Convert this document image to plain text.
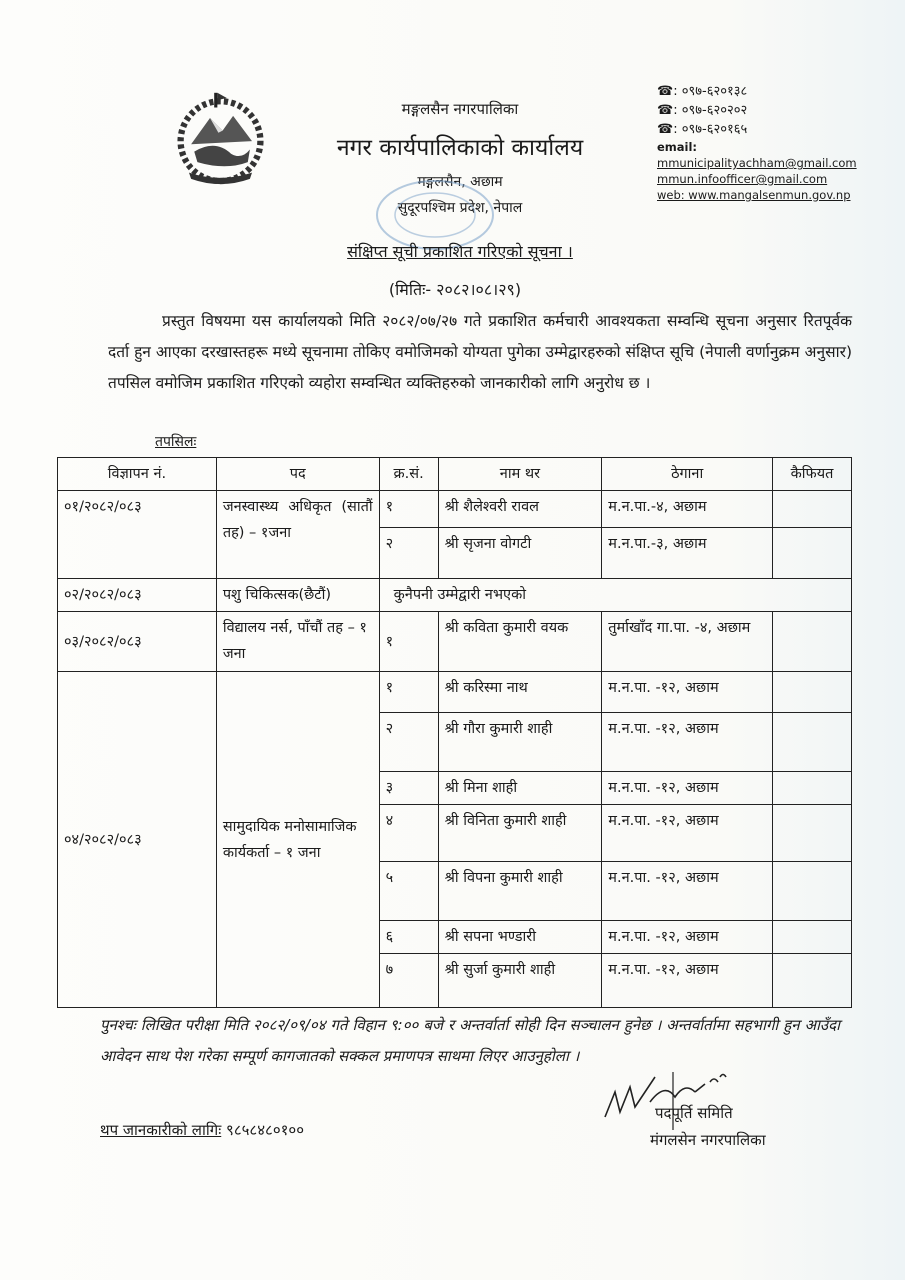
मङ्गलसैन नगरपालिका
नगर कार्यपालिकाको कार्यालय
मङ्गलसैन, अछाम
सुदूरपश्चिम प्रदेश, नेपाल
☎: ०९७-६२०१३८
☎: ०९७-६२०२०२
☎: ०९७-६२०१६५
email:
mmunicipalityachham@gmail.com
mmun.infoofficer@gmail.com
web: www.mangalsenmun.gov.np
संक्षिप्त सूची प्रकाशित गरिएको सूचना ।
(मितिः- २०८२।०८।२९)
प्रस्तुत विषयमा यस कार्यालयको मिति २०८२/०७/२७ गते प्रकाशित कर्मचारी आवश्यकता सम्वन्धि सूचना अनुसार रितपूर्वक दर्ता हुन आएका दरखास्तहरू मध्ये सूचनामा तोकिए वमोजिमको योग्यता पुगेका उम्मेद्वारहरुको संक्षिप्त सूचि (नेपाली वर्णानुक्रम अनुसार) तपसिल वमोजिम प्रकाशित गरिएको व्यहोरा सम्वन्धित व्यक्तिहरुको जानकारीको लागि अनुरोध छ ।
तपसिलः
विज्ञापन नं.	पद	क्र.सं.	नाम थर	ठेगाना	कैफियत
०१/२०८२/०८३	जनस्वास्थ्य अधिकृत (सातौं तह) – १जना	१	श्री शैलेश्वरी रावल	म.न.पा.-४, अछाम	
		२	श्री सृजना वोगटी	म.न.पा.-३, अछाम	
०२/२०८२/०८३	पशु चिकित्सक(छैटौं)	कुनैपनी उम्मेद्वारी नभएको			
०३/२०८२/०८३	विद्यालय नर्स, पाँचौं तह – १ जना	१	श्री कविता कुमारी वयक	तुर्माखाँद गा.पा. -४, अछाम	
०४/२०८२/०८३	सामुदायिक मनोसामाजिक कार्यकर्ता – १ जना	१	श्री करिस्मा नाथ	म.न.पा. -१२, अछाम	
		२	श्री गौरा कुमारी शाही	म.न.पा. -१२, अछाम	
		३	श्री मिना शाही	म.न.पा. -१२, अछाम	
		४	श्री विनिता कुमारी शाही	म.न.पा. -१२, अछाम	
		५	श्री विपना कुमारी शाही	म.न.पा. -१२, अछाम	
		६	श्री सपना भण्डारी	म.न.पा. -१२, अछाम	
		७	श्री सुर्जा कुमारी शाही	म.न.पा. -१२, अछाम	
पुनश्चः लिखित परीक्षा मिति २०८२/०९/०४ गते विहान ९:०० बजे र अन्तर्वार्ता सोही दिन सञ्चालन हुनेछ । अन्तर्वार्तामा सहभागी हुन आउँदा आवेदन साथ पेश गरेका सम्पूर्ण कागजातको सक्कल प्रमाणपत्र साथमा लिएर आउनुहोला ।
थप जानकारीको लागिः ९८५८४८०१००
पदपूर्ति समिति
मंगलसेन नगरपालिका
